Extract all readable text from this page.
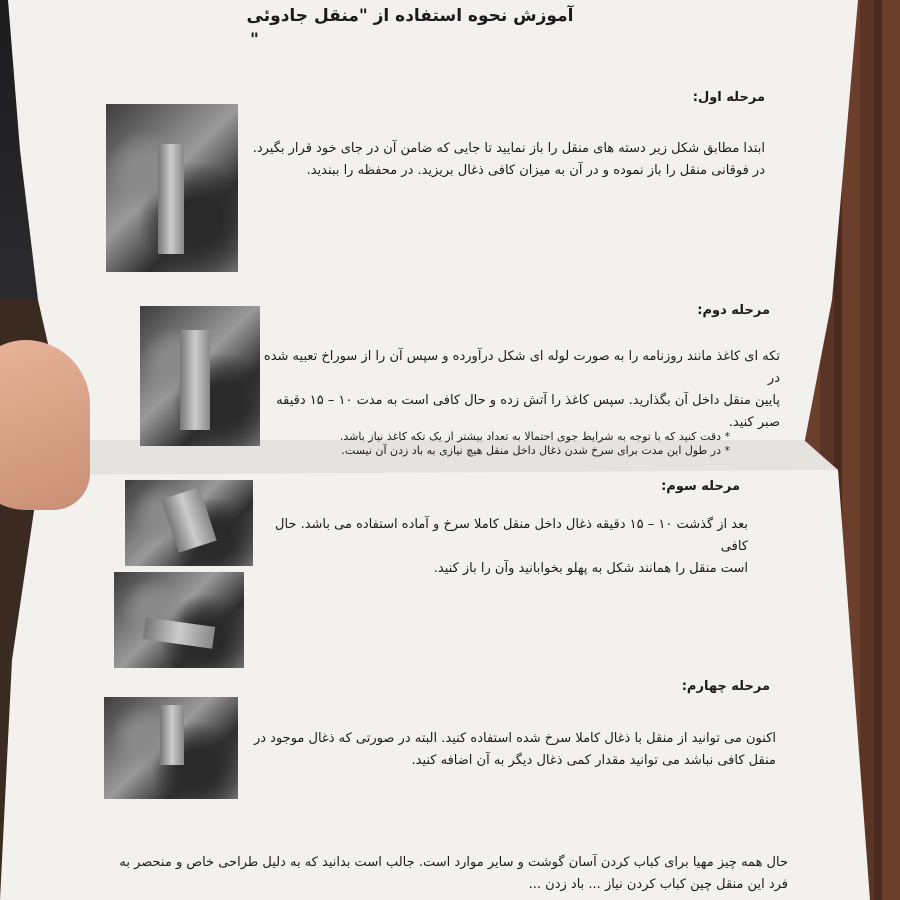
آموزش نحوه استفاده از "منقل جادوئی
"
مرحله اول:
ابتدا مطابق شکل زیر دسته های منقل را باز نمایید تا جایی که ضامن آن در جای خود قرار بگیرد.
در فوقانی منقل را باز نموده و در آن به میزان کافی ذغال بریزید. در محفظه را ببندید.
مرحله دوم:
تکه ای کاغذ مانند روزنامه را به صورت لوله ای شکل درآورده و سپس آن را از سوراخ تعبیه شده در
پایین منقل داخل آن بگذارید. سپس کاغذ را آتش زده و حال کافی است به مدت ۱۰ – ۱۵ دقیقه
صبر کنید.
* دقت کنید که با توجه به شرایط جوی احتمالا به تعداد بیشتر از یک تکه کاغذ نیاز باشد.
* در طول این مدت برای سرخ شدن ذغال داخل منقل هیچ نیازی به باد زدن آن نیست.
مرحله سوم:
بعد از گذشت ۱۰ – ۱۵ دقیقه ذغال داخل منقل کاملا سرخ و آماده استفاده می باشد. حال کافی
است منقل را همانند شکل به پهلو بخوابانید وآن را باز کنید.
مرحله چهارم:
اکنون می توانید از منقل با ذغال کاملا سرخ شده استفاده کنید. البته در صورتی که ذغال موجود در
منقل کافی نباشد می توانید مقدار کمی ذغال دیگر به آن اضافه کنید.
حال همه چیز مهیا برای کباب کردن آسان گوشت و سایر موارد است. جالب است بدانید که به دلیل طراحی خاص و منحصر به
فرد این منقل چین کباب کردن نیاز ... باد زدن ...
